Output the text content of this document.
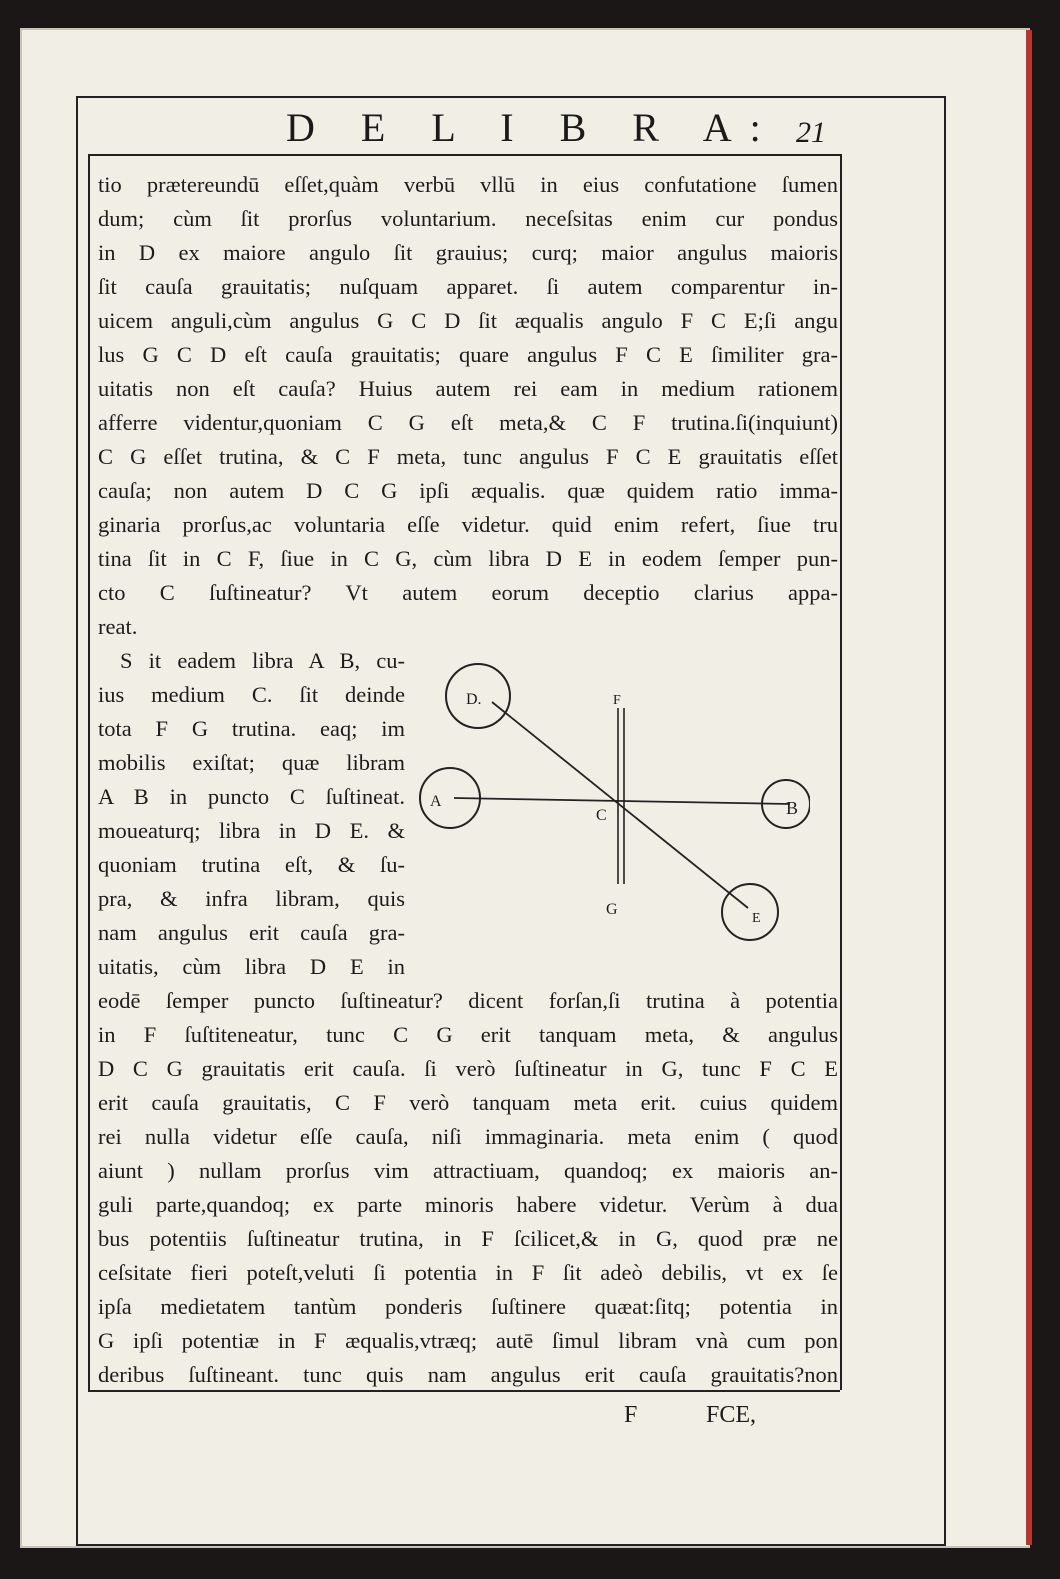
D E L I B R A: 21
tio prætereundū eſſet,quàm verbū vllū in eius confutatione ſumen
dum; cùm ſit prorſus voluntarium. neceſsitas enim cur pondus
in D ex maiore angulo ſit grauius; curq; maior angulus maioris
ſit cauſa grauitatis; nuſquam apparet. ſi autem comparentur in-
uicem anguli,cùm angulus G C D ſit æqualis angulo F C E;ſi angu
lus G C D eſt cauſa grauitatis; quare angulus F C E ſimiliter gra-
uitatis non eſt cauſa? Huius autem rei eam in medium rationem
afferre videntur,quoniam C G eſt meta,& C F trutina.ſi(inquiunt)
C G eſſet trutina, & C F meta, tunc angulus F C E grauitatis eſſet
cauſa; non autem D C G ipſi æqualis. quæ quidem ratio imma-
ginaria prorſus,ac voluntaria eſſe videtur. quid enim refert, ſiue tru
tina ſit in C F, ſiue in C G, cùm libra D E in eodem ſemper pun-
cto C ſuſtineatur? Vt autem eorum deceptio clarius appa-
reat.
S it eadem libra A B, cu-
ius medium C. ſit deinde
tota F G trutina. eaq; im
mobilis exiſtat; quæ libram
A B in puncto C ſuſtineat.
moueaturq; libra in D E. &
quoniam trutina eſt, & ſu-
pra, & infra libram, quis
nam angulus erit cauſa gra-
uitatis, cùm libra D E in
D.
A	B
C
E
F
G
eodē ſemper puncto ſuſtineatur? dicent forſan,ſi trutina à potentia
in F ſuſtiteneatur, tunc C G erit tanquam meta, & angulus
D C G grauitatis erit cauſa. ſi verò ſuſtineatur in G, tunc F C E
erit cauſa grauitatis, C F verò tanquam meta erit. cuius quidem
rei nulla videtur eſſe cauſa, niſi immaginaria. meta enim ( quod
aiunt ) nullam prorſus vim attractiuam, quandoq; ex maioris an-
guli parte,quandoq; ex parte minoris habere videtur. Verùm à dua
bus potentiis ſuſtineatur trutina, in F ſcilicet,& in G, quod præ ne
ceſsitate fieri poteſt,veluti ſi potentia in F ſit adeò debilis, vt ex ſe
ipſa medietatem tantùm ponderis ſuſtinere quæat:ſitq; potentia in
G ipſi potentiæ in F æqualis,vtræq; autē ſimul libram vnà cum pon
deribus ſuſtineant. tunc quis nam angulus erit cauſa grauitatis?non
F	FCE,
